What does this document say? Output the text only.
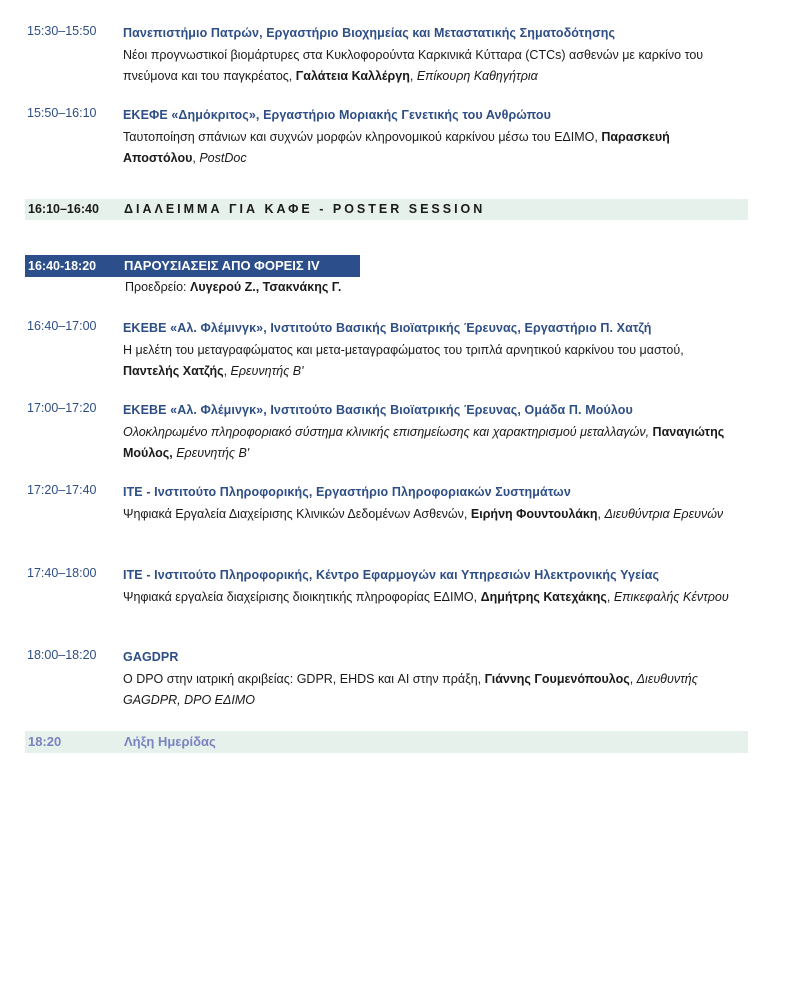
15:30–15:50	Πανεπιστήμιο Πατρών, Εργαστήριο Βιοχημείας και Μεταστατικής Σηματοδότησης
Νέοι προγνωστικοί βιομάρτυρες στα Κυκλοφορούντα Καρκινικά Κύτταρα (CTCs) ασθενών με καρκίνο του πνεύμονα και του παγκρέατος, Γαλάτεια Καλλέργη, Επίκουρη Καθηγήτρια
15:50–16:10	ΕΚΕΦΕ «Δημόκριτος», Εργαστήριο Μοριακής Γενετικής του Ανθρώπου
Ταυτοποίηση σπάνιων και συχνών μορφών κληρονομικού καρκίνου μέσω του ΕΔΙΜΟ, Παρασκευή Αποστόλου, PostDoc
16:10–16:40 ΔΙΑΛΕΙΜΜΑ ΓΙΑ ΚΑΦΕ - POSTER SESSION
16:40-18:20 ΠΑΡΟΥΣΙΑΣΕΙΣ ΑΠΟ ΦΟΡΕΙΣ IV
Προεδρείο: Λυγερού Ζ., Τσακνάκης Γ.
16:40–17:00	ΕΚΕΒΕ «Αλ. Φλέμινγκ», Ινστιτούτο Βασικής Βιοϊατρικής Έρευνας, Εργαστήριο Π. Χατζή
Η μελέτη του μεταγραφώματος και μετα-μεταγραφώματος του τριπλά αρνητικού καρκίνου του μαστού, Παντελής Χατζής, Ερευνητής Β'
17:00–17:20	ΕΚΕΒΕ «Αλ. Φλέμινγκ», Ινστιτούτο Βασικής Βιοϊατρικής Έρευνας, Ομάδα Π. Μούλου
Ολοκληρωμένο πληροφοριακό σύστημα κλινικής επισημείωσης και χαρακτηρισμού μεταλλαγών, Παναγιώτης Μούλος, Ερευνητής Β'
17:20–17:40	ΙΤΕ - Ινστιτούτο Πληροφορικής, Εργαστήριο Πληροφοριακών Συστημάτων
Ψηφιακά Εργαλεία Διαχείρισης Κλινικών Δεδομένων Ασθενών, Ειρήνη Φουντουλάκη, Διευθύντρια Ερευνών
17:40–18:00	ΙΤΕ - Ινστιτούτο Πληροφορικής, Κέντρο Εφαρμογών και Υπηρεσιών Ηλεκτρονικής Υγείας
Ψηφιακά εργαλεία διαχείρισης διοικητικής πληροφορίας ΕΔΙΜΟ, Δημήτρης Κατεχάκης, Επικεφαλής Κέντρου
18:00–18:20	GAGDPR
Ο DPO στην ιατρική ακριβείας: GDPR, EHDS και AI στην πράξη, Γιάννης Γουμενόπουλος, Διευθυντής GAGDPR, DPO ΕΔΙΜΟ
18:20	Λήξη Ημερίδας
